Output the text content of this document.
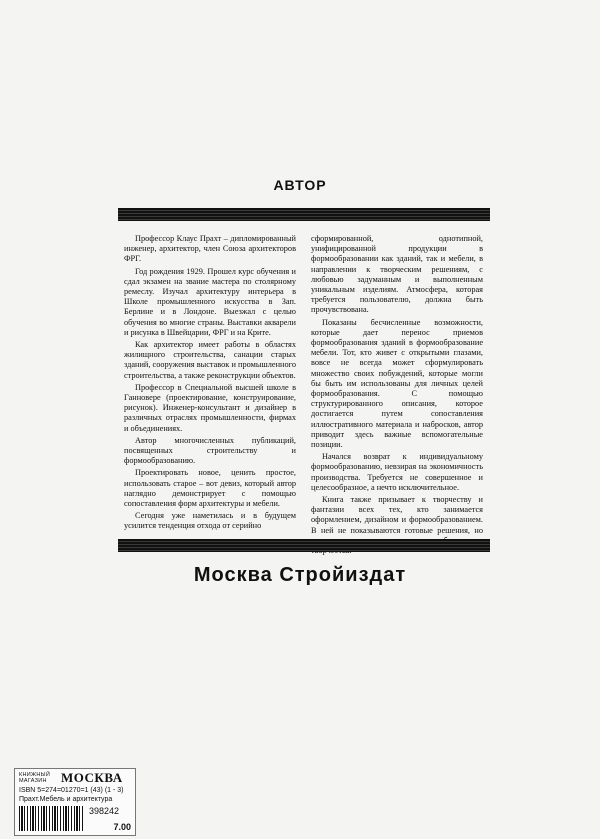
АВТОР

Профессор Клаус Прахт – дипломированный инженер, архитектор, член Союза архитекторов ФРГ.

Год рождения 1929. Прошел курс обучения и сдал экзамен на звание мастера по столярному ремеслу. Изучал архитектуру интерьера в Школе промышленного искусства в Зап. Берлине и в Лондоне. Выезжал с целью обучения во многие страны. Выставки акварели и рисунка в Швейцарии, ФРГ и на Крите.

Как архитектор имеет работы в областях жилищного строительства, санации старых зданий, сооружения выставок и промышленного строительства, а также реконструкции объектов.

Профессор в Специальной высшей школе в Ганновере (проектирование, конструирование, рисунок). Инженер-консультант и дизайнер в различных отраслях промышленности, фирмах и объединениях.

Автор многочисленных публикаций, посвященных строительству и формообразованию.

Проектировать новое, ценить простое, использовать старое – вот девиз, который автор наглядно демонстрирует с помощью сопоставления форм архитектуры и мебели.

Сегодня уже наметилась и в будущем усилится тенденция отхода от серийно

сформированной, однотипной, унифицированной продукции в формообразовании как зданий, так и мебели, в направлении к творческим решениям, с любовью задуманным и выполненным уникальным изделиям. Атмосфера, которая требуется пользователю, должна быть прочувствована.

Показаны бесчисленные возможности, которые дает перенос приемов формообразования зданий в формообразование мебели. Тот, кто живет с открытыми глазами, вовсе не всегда может сформулировать множество своих побуждений, которые могли бы быть им использованы для личных целей формообразования. С помощью структурированного описания, которое достигается путем сопоставления иллюстративного материала и набросков, автор приводит здесь важные вспомогательные позиции.

Начался возврат к индивидуальному формообразованию, невзирая на экономичность производства. Требуется не совершенное и целесообразное, а нечто исключительное.

Книга также призывает к творчеству и фантазии всех тех, кто занимается оформлением, дизайном и формообразованием. В ней не показываются готовые решения, но

Москва Стройиздат
КНИЖНЫЙ
МАГАЗИН МОСКВА
ISBN 5=274=01270=1 (43) (1 - 3)
Прахт.Мебель и архитектура
398242
7.00
